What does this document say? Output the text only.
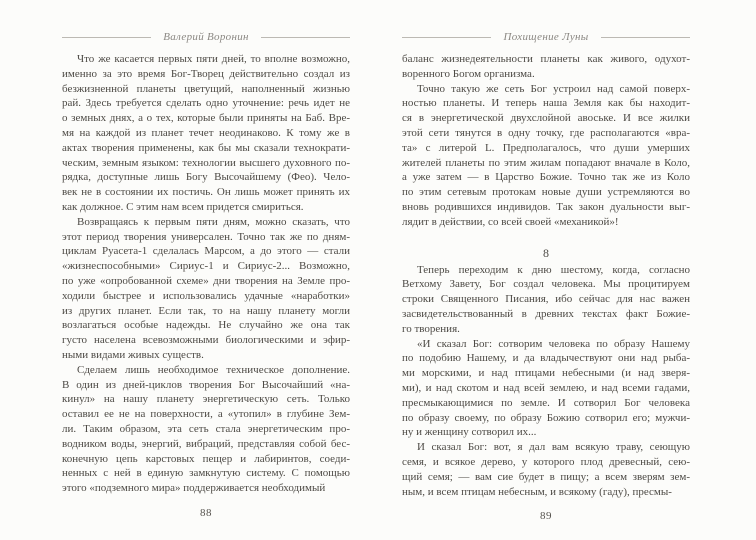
Валерий Воронин
Что же касается первых пяти дней, то вполне возможно,
именно за это время Бог-Творец действительно создал из
безжизненной планеты цветущий, наполненный жизнью
рай. Здесь требуется сделать одно уточнение: речь идет не
о земных днях, а о тех, которые были приняты на Баб. Вре-
мя на каждой из планет течет неодинаково. К тому же в
актах творения применены, как бы мы сказали технократи-
ческим, земным языком: технологии высшего духовного по-
рядка, доступные лишь Богу Высочайшему (Фео). Чело-
век не в состоянии их постичь. Он лишь может принять их
как должное. С этим нам всем придется смириться.
Возвращаясь к первым пяти дням, можно сказать, что
этот период творения универсален. Точно так же по дням-
циклам Руасета-1 сделалась Марсом, а до этого — стали
«жизнеспособными» Сириус-1 и Сириус-2... Возможно,
по уже «опробованной схеме» дни творения на Земле про-
ходили быстрее и использовались удачные «наработки»
из других планет. Если так, то на нашу планету могли
возлагаться особые надежды. Не случайно же она так
густо населена всевозможными биологическими и эфир-
ными видами живых существ.
Сделаем лишь необходимое техническое дополнение.
В один из дней-циклов творения Бог Высочайший «на-
кинул» на нашу планету энергетическую сеть. Только
оставил ее не на поверхности, а «утопил» в глубине Зем-
ли. Таким образом, эта сеть стала энергетическим про-
водником воды, энергий, вибраций, представляя собой бес-
конечную цепь карстовых пещер и лабиринтов, соеди-
ненных с ней в единую замкнутую систему. С помощью
этого «подземного мира» поддерживается необходимый
88
Похищение Луны
баланс жизнедеятельности планеты как живого, одухот-
воренного Богом организма.
Точно такую же сеть Бог устроил над самой поверх-
ностью планеты. И теперь наша Земля как бы находит-
ся в энергетической двухслойной авоське. И все жилки
этой сети тянутся в одну точку, где располагаются «вра-
та» с литерой L. Предполагалось, что души умерших
жителей планеты по этим жилам попадают вначале в Коло,
а уже затем — в Царство Божие. Точно так же из Коло
по этим сетевым протокам новые души устремляются во
вновь родившихся индивидов. Так закон дуальности выг-
лядит в действии, со всей своей «механикой»!
8
Теперь переходим к дню шестому, когда, согласно
Ветхому Завету, Бог создал человека. Мы процитируем
строки Священного Писания, ибо сейчас для нас важен
засвидетельствованный в древних текстах факт Божие-
го творения.
«И сказал Бог: сотворим человека по образу Нашему
по подобию Нашему, и да владычествуют они над рыба-
ми морскими, и над птицами небесными (и над зверя-
ми), и над скотом и над всей землею, и над всеми гадами,
пресмыкающимися по земле. И сотворил Бог человека
по образу своему, по образу Божию сотворил его; мужчи-
ну и женщину сотворил их...
И сказал Бог: вот, я дал вам всякую траву, сеющую
семя, и всякое дерево, у которого плод древесный, сею-
щий семя; — вам сие будет в пищу; а всем зверям зем-
ным, и всем птицам небесным, и всякому (гаду), пресмы-
89
